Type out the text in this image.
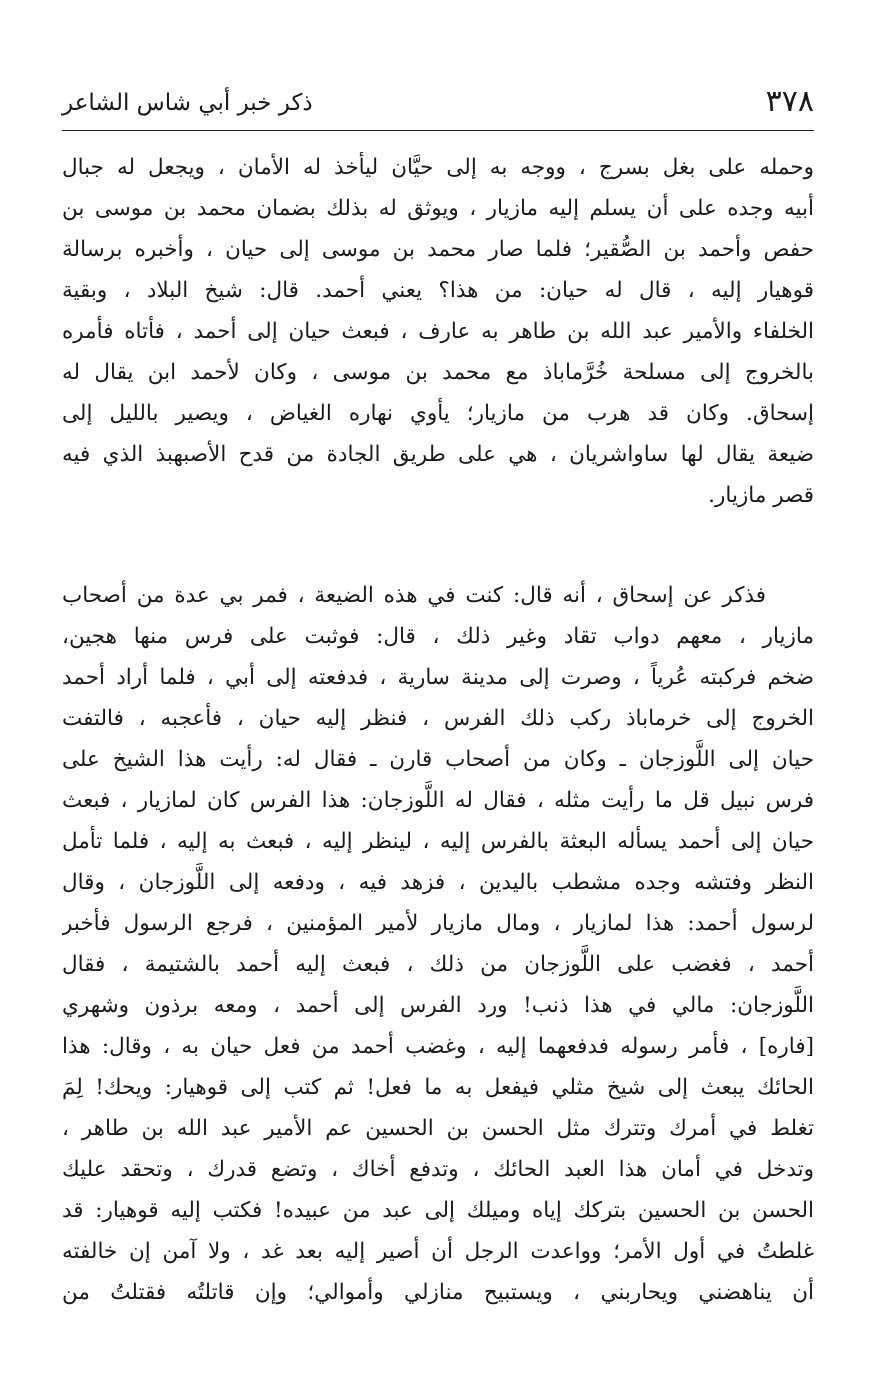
٣٧٨
ذكر خبر أبي شاس الشاعر
وحمله على بغل بسرج ، ووجه به إلى حيَّان ليأخذ له الأمان ، ويجعل له جبال
أبيه وجده على أن يسلم إليه مازيار ، ويوثق له بذلك بضمان محمد بن موسى بن
حفص وأحمد بن الصُّقير؛ فلما صار محمد بن موسى إلى حيان ، وأخبره برسالة
قوهيار إليه ، قال له حيان: من هذا؟ يعني أحمد. قال: شيخ البلاد ، وبقية
الخلفاء والأمير عبد الله بن طاهر به عارف ، فبعث حيان إلى أحمد ، فأتاه فأمره
بالخروج إلى مسلحة خُرَّماباذ مع محمد بن موسى ، وكان لأحمد ابن يقال له
إسحاق. وكان قد هرب من مازيار؛ يأوي نهاره الغياض ، ويصير بالليل إلى
ضيعة يقال لها ساواشريان ، هي على طريق الجادة من قدح الأصبهبذ الذي فيه
قصر مازيار.
فذكر عن إسحاق ، أنه قال: كنت في هذه الضيعة ، فمر بي عدة من أصحاب
مازيار ، معهم دواب تقاد وغير ذلك ، قال: فوثبت على فرس منها هجين،
ضخم فركبته عُرياً ، وصرت إلى مدينة سارية ، فدفعته إلى أبي ، فلما أراد أحمد
الخروج إلى خرماباذ ركب ذلك الفرس ، فنظر إليه حيان ، فأعجبه ، فالتفت
حيان إلى اللَّوزجان ـ وكان من أصحاب قارن ـ فقال له: رأيت هذا الشيخ على
فرس نبيل قل ما رأيت مثله ، فقال له اللَّوزجان: هذا الفرس كان لمازيار ، فبعث
حيان إلى أحمد يسأله البعثة بالفرس إليه ، لينظر إليه ، فبعث به إليه ، فلما تأمل
النظر وفتشه وجده مشطب باليدين ، فزهد فيه ، ودفعه إلى اللَّوزجان ، وقال
لرسول أحمد: هذا لمازيار ، ومال مازيار لأمير المؤمنين ، فرجع الرسول فأخبر
أحمد ، فغضب على اللَّوزجان من ذلك ، فبعث إليه أحمد بالشتيمة ، فقال
اللَّوزجان: مالي في هذا ذنب! ورد الفرس إلى أحمد ، ومعه برذون وشهري
[فاره] ، فأمر رسوله فدفعهما إليه ، وغضب أحمد من فعل حيان به ، وقال: هذا
الحائك يبعث إلى شيخ مثلي فيفعل به ما فعل! ثم كتب إلى قوهيار: ويحك! لِمَ
تغلط في أمرك وتترك مثل الحسن بن الحسين عم الأمير عبد الله بن طاهر ،
وتدخل في أمان هذا العبد الحائك ، وتدفع أخاك ، وتضع قدرك ، وتحقد عليك
الحسن بن الحسين بتركك إياه وميلك إلى عبد من عبيده! فكتب إليه قوهيار: قد
غلطتُ في أول الأمر؛ وواعدت الرجل أن أصير إليه بعد غد ، ولا آمن إن خالفته
أن يناهضني ويحاربني ، ويستبيح منازلي وأموالي؛ وإن قاتلتُه فقتلتُ من
